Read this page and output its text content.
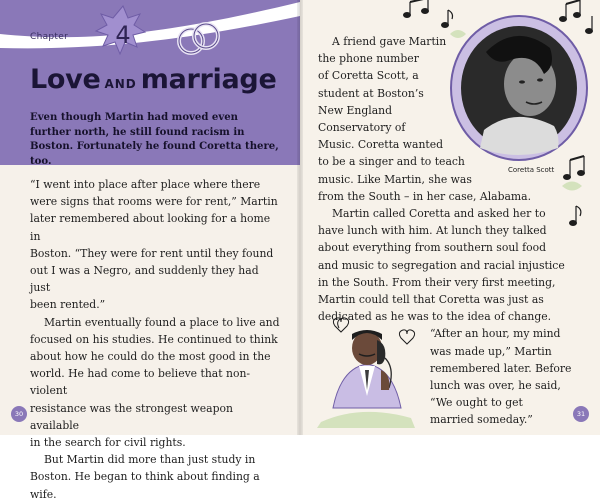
Chapter	4
Love AND marriage

Even though Martin had moved even further north, he still found racism in Boston. Fortunately he found Coretta there, too.

“I went into place after place where there

were signs that rooms were for rent,” Martin

later remembered about looking for a home in

Boston. “They were for rent until they found

out I was a Negro, and suddenly they had just

been rented.”

Martin eventually found a place to live and

focused on his studies. He continued to think

about how he could do the most good in the

world. He had come to believe that non-violent

resistance was the strongest weapon available

in the search for civil rights.

But Martin did more than just study in

Boston. He began to think about finding a wife.

30
Coretta Scott

A friend gave Martin

the phone number

of Coretta Scott, a

student at Boston’s

New England

Conservatory of

Music. Coretta wanted

to be a singer and to teach

music. Like Martin, she was

from the South – in her case, Alabama.

Martin called Coretta and asked her to

have lunch with him. At lunch they talked

about everything from southern soul food

and music to segregation and racial injustice

in the South. From their very first meeting,

Martin could tell that Coretta was just as

dedicated as he was to the idea of change.

“After an hour, my mind

was made up,” Martin

remembered later. Before

lunch was over, he said,

“We ought to get

married someday.”	31
